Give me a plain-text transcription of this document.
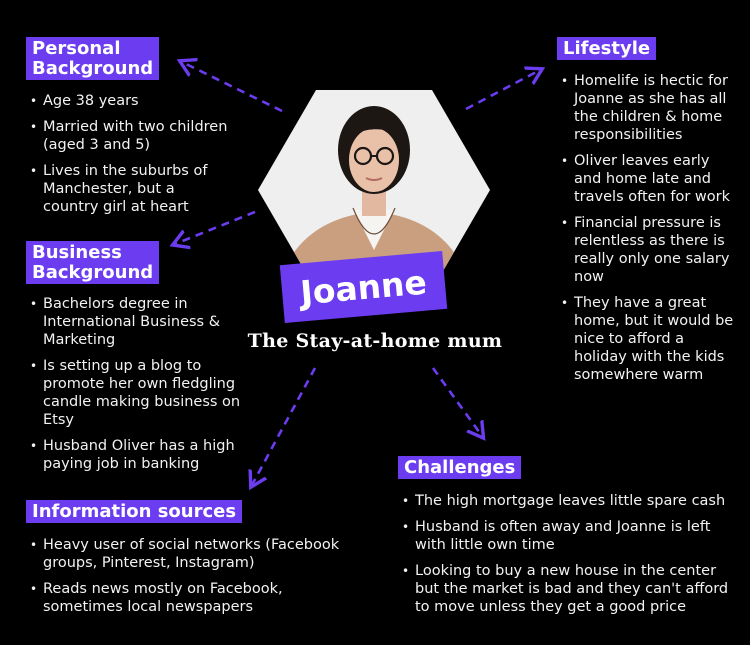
Joanne
The Stay-at-home mum
Personal
Background
• Age 38 years
• Married with two children (aged 3 and 5)
• Lives in the suburbs of Manchester, but a country girl at heart
Business
Background
• Bachelors degree in International Business & Marketing
• Is setting up a blog to promote her own fledgling candle making business on Etsy
• Husband Oliver has a high paying job in banking
Information sources
• Heavy user of social networks (Facebook groups, Pinterest, Instagram)
• Reads news mostly on Facebook, sometimes local newspapers
Lifestyle
• Homelife is hectic for Joanne as she has all the children & home responsibilities
• Oliver leaves early and home late and travels often for work
• Financial pressure is relentless as there is really only one salary now
• They have a great home, but it would be nice to afford a holiday with the kids somewhere warm
Challenges
• The high mortgage leaves little spare cash
• Husband is often away and Joanne is left with little own time
• Looking to buy a new house in the center but the market is bad and they can't afford to move unless they get a good price
